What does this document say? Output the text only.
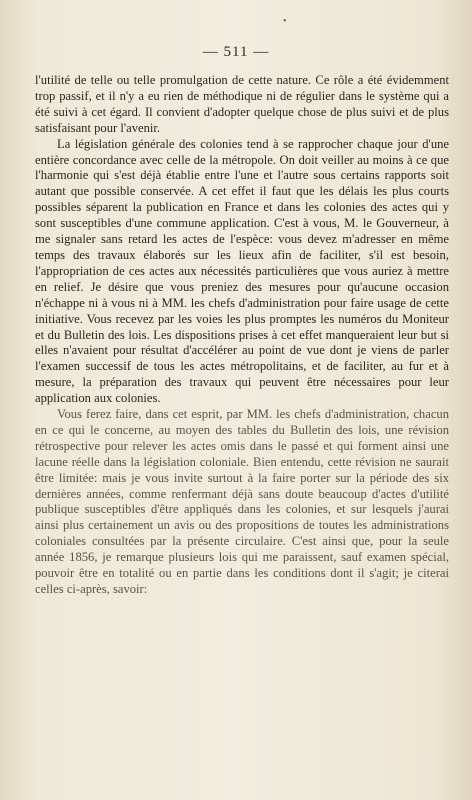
•
— 511 —

l'utilité de telle ou telle promulgation de cette nature. Ce rôle a été évidemment trop passif, et il n'y a eu rien de méthodique ni de régulier dans le système qui a été suivi à cet égard. Il convient d'adopter quelque chose de plus suivi et de plus satisfaisant pour l'avenir.

La législation générale des colonies tend à se rapprocher chaque jour d'une entière concordance avec celle de la métropole. On doit veiller au moins à ce que l'harmonie qui s'est déjà établie entre l'une et l'autre sous certains rapports soit autant que possible conservée. A cet effet il faut que les délais les plus courts possibles séparent la publication en France et dans les colonies des actes qui y sont susceptibles d'une commune application. C'est à vous, M. le Gouverneur, à me signaler sans retard les actes de l'espèce: vous devez m'adresser en même temps des travaux élaborés sur les lieux afin de faciliter, s'il est besoin, l'appropriation de ces actes aux nécessités particulières que vous auriez à mettre en relief. Je désire que vous preniez des mesures pour qu'aucune occasion n'échappe ni à vous ni à MM. les chefs d'administration pour faire usage de cette initiative. Vous recevez par les voies les plus promptes les numéros du Moniteur et du Bulletin des lois. Les dispositions prises à cet effet manqueraient leur but si elles n'avaient pour résultat d'accélérer au point de vue dont je viens de parler l'examen successif de tous les actes métropolitains, et de faciliter, au fur et à mesure, la préparation des travaux qui peuvent être nécessaires pour leur application aux colonies.

Vous ferez faire, dans cet esprit, par MM. les chefs d'administration, chacun en ce qui le concerne, au moyen des tables du Bulletin des lois, une révision rétrospective pour relever les actes omis dans le passé et qui forment ainsi une lacune réelle dans la législation coloniale. Bien entendu, cette révision ne saurait être limitée: mais je vous invite surtout à la faire porter sur la période des six dernières années, comme renfermant déjà sans doute beaucoup d'actes d'utilité publique susceptibles d'être appliqués dans les colonies, et sur lesquels j'aurai ainsi plus certainement un avis ou des propositions de toutes les administrations coloniales consultées par la présente circulaire. C'est ainsi que, pour la seule année 1856, je remarque plusieurs lois qui me paraissent, sauf examen spécial, pouvoir être en totalité ou en partie dans les conditions dont il s'agit; je citerai celles ci-après, savoir:
